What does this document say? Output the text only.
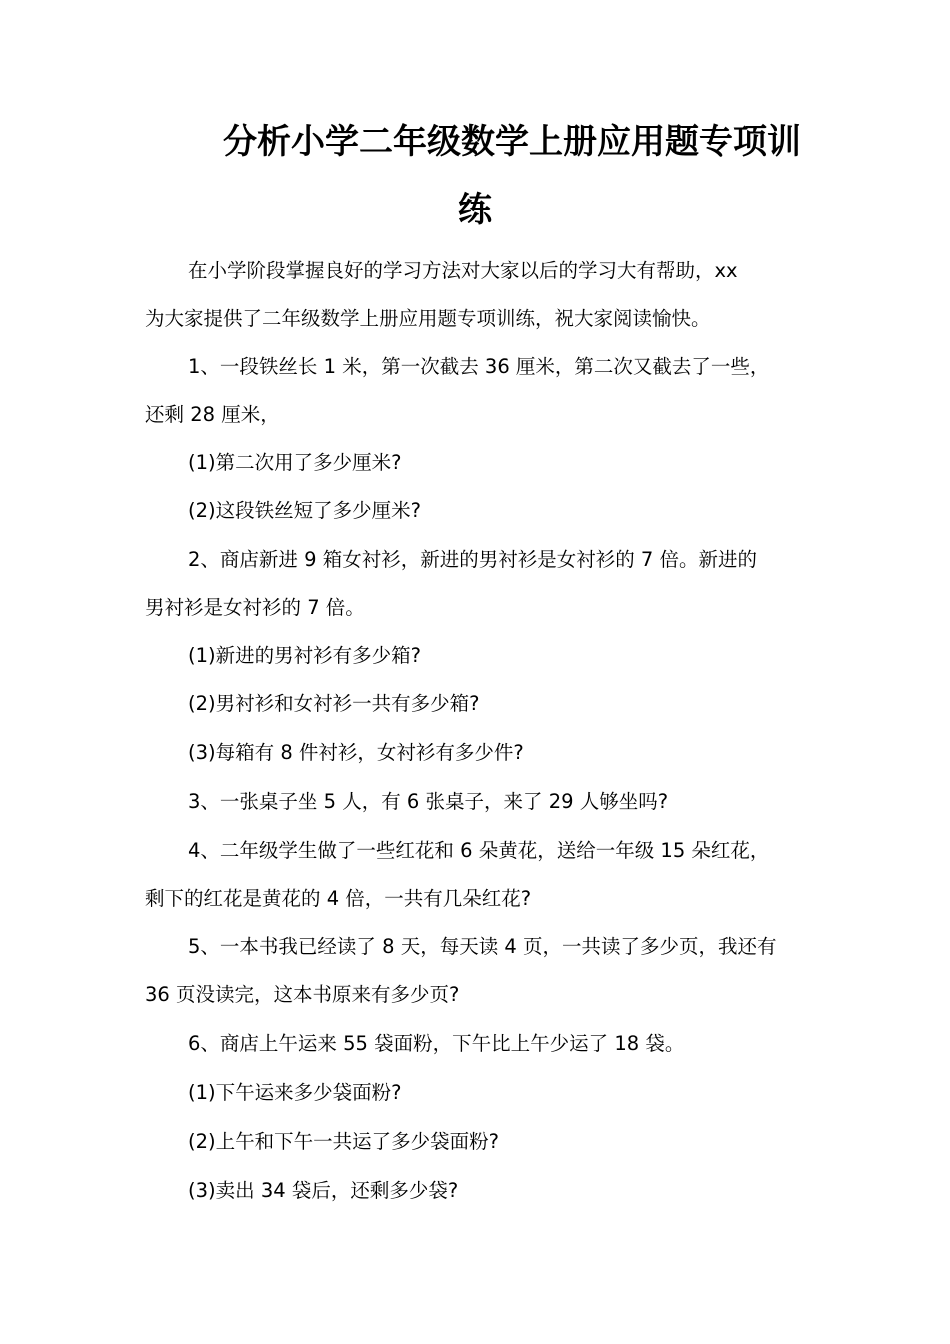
分析小学二年级数学上册应用题专项训
练
在小学阶段掌握良好的学习方法对大家以后的学习大有帮助，xx
为大家提供了二年级数学上册应用题专项训练，祝大家阅读愉快。
1、一段铁丝长 1 米，第一次截去 36 厘米，第二次又截去了一些，
还剩 28 厘米，
(1)第二次用了多少厘米?
(2)这段铁丝短了多少厘米?
2、商店新进 9 箱女衬衫，新进的男衬衫是女衬衫的 7 倍。新进的
男衬衫是女衬衫的 7 倍。
(1)新进的男衬衫有多少箱?
(2)男衬衫和女衬衫一共有多少箱?
(3)每箱有 8 件衬衫，女衬衫有多少件?
3、一张桌子坐 5 人，有 6 张桌子，来了 29 人够坐吗?
4、二年级学生做了一些红花和 6 朵黄花，送给一年级 15 朵红花，
剩下的红花是黄花的 4 倍，一共有几朵红花?
5、一本书我已经读了 8 天，每天读 4 页，一共读了多少页，我还有
36 页没读完，这本书原来有多少页?
6、商店上午运来 55 袋面粉，下午比上午少运了 18 袋。
(1)下午运来多少袋面粉?
(2)上午和下午一共运了多少袋面粉?
(3)卖出 34 袋后，还剩多少袋?
